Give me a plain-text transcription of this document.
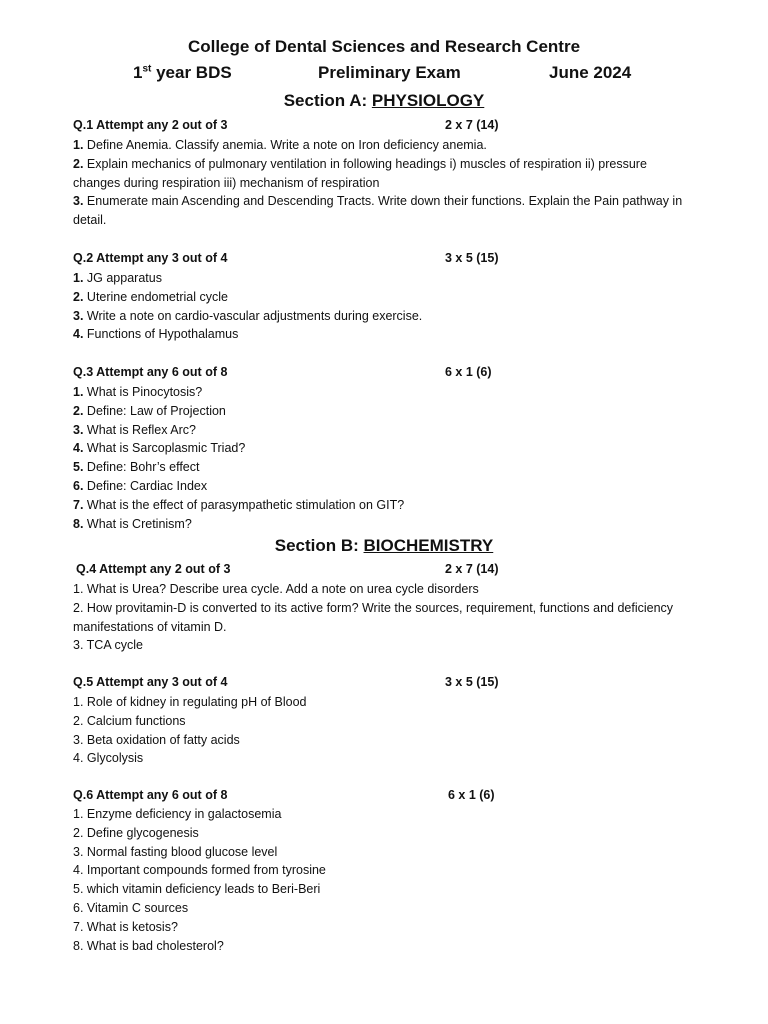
College of Dental Sciences and Research Centre
1st year BDS	Preliminary Exam	June 2024
Section A: PHYSIOLOGY
Q.1 Attempt any 2 out of 3	2 x 7 (14)

1. Define Anemia. Classify anemia. Write a note on Iron deficiency anemia.

2. Explain mechanics of pulmonary ventilation in following headings i) muscles of respiration ii) pressure changes during respiration iii) mechanism of respiration

3. Enumerate main Ascending and Descending Tracts. Write down their functions. Explain the Pain pathway in detail.

Q.2 Attempt any 3 out of 4	3 x 5 (15)

1. JG apparatus

2. Uterine endometrial cycle

3. Write a note on cardio-vascular adjustments during exercise.

4. Functions of Hypothalamus

Q.3 Attempt any 6 out of 8	6 x 1 (6)

1. What is Pinocytosis?

2. Define: Law of Projection

3. What is Reflex Arc?

4. What is Sarcoplasmic Triad?

5. Define: Bohr’s effect

6. Define: Cardiac Index

7. What is the effect of parasympathetic stimulation on GIT?

8. What is Cretinism?

Section B: BIOCHEMISTRY
Q.4 Attempt any 2 out of 3	2 x 7 (14)

1. What is Urea? Describe urea cycle. Add a note on urea cycle disorders

2. How provitamin-D is converted to its active form? Write the sources, requirement, functions and deficiency manifestations of vitamin D.

3. TCA cycle

Q.5 Attempt any 3 out of 4	3 x 5 (15)

1. Role of kidney in regulating pH of Blood

2. Calcium functions

3. Beta oxidation of fatty acids

4. Glycolysis

Q.6 Attempt any 6 out of 8	6 x 1 (6)

1. Enzyme deficiency in galactosemia

2. Define glycogenesis

3. Normal fasting blood glucose level

4. Important compounds formed from tyrosine

5. which vitamin deficiency leads to Beri-Beri

6. Vitamin C sources

7. What is ketosis?

8. What is bad cholesterol?
